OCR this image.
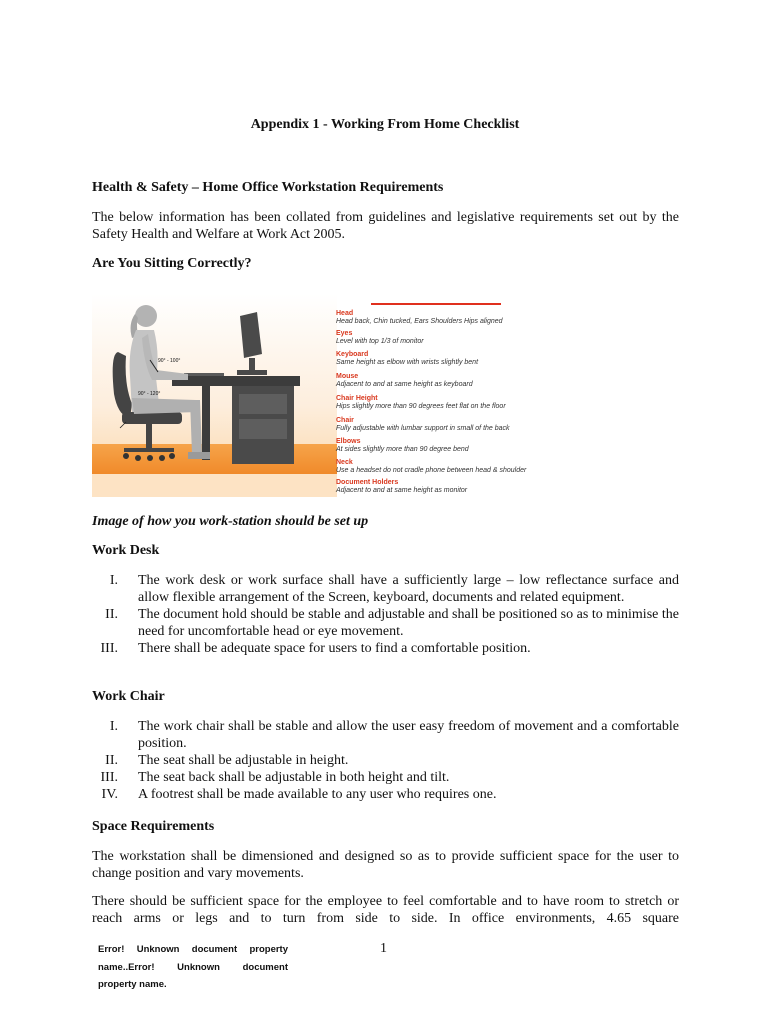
Appendix 1 - Working From Home Checklist
Health & Safety – Home Office Workstation Requirements
The below information has been collated from guidelines and legislative requirements set out by the Safety Health and Welfare at Work Act 2005.
Are You Sitting Correctly?
90° - 100°
90° - 120°
Head
Head back, Chin tucked, Ears Shoulders Hips aligned
Eyes
Level with top 1/3 of monitor
Keyboard
Same height as elbow with wrists slightly bent
Mouse
Adjacent to and at same height as keyboard
Chair Height
Hips slightly more than 90 degrees feet flat on the floor
Chair
Fully adjustable with lumbar support in small of the back
Elbows
At sides slightly more than 90 degree bend
Neck
Use a headset do not cradle phone between head & shoulder
Document Holders
Adjacent to and at same height as monitor
Image of how you work-station should be set up
Work Desk
I. The work desk or work surface shall have a sufficiently large – low reflectance surface and allow flexible arrangement of the Screen, keyboard, documents and related equipment.
II. The document hold should be stable and adjustable and shall be positioned so as to minimise the need for uncomfortable head or eye movement.
III. There shall be adequate space for users to find a comfortable position.
Work Chair
I. The work chair shall be stable and allow the user easy freedom of movement and a comfortable position.
II. The seat shall be adjustable in height.
III. The seat back shall be adjustable in both height and tilt.
IV. A footrest shall be made available to any user who requires one.
Space Requirements
The workstation shall be dimensioned and designed so as to provide sufficient space for the user to change position and vary movements.
There should be sufficient space for the employee to feel comfortable and to have room to stretch or reach arms or legs and to turn from side to side. In office environments, 4.65 square
Error! Unknown document property name..Error! Unknown document property name.
1
